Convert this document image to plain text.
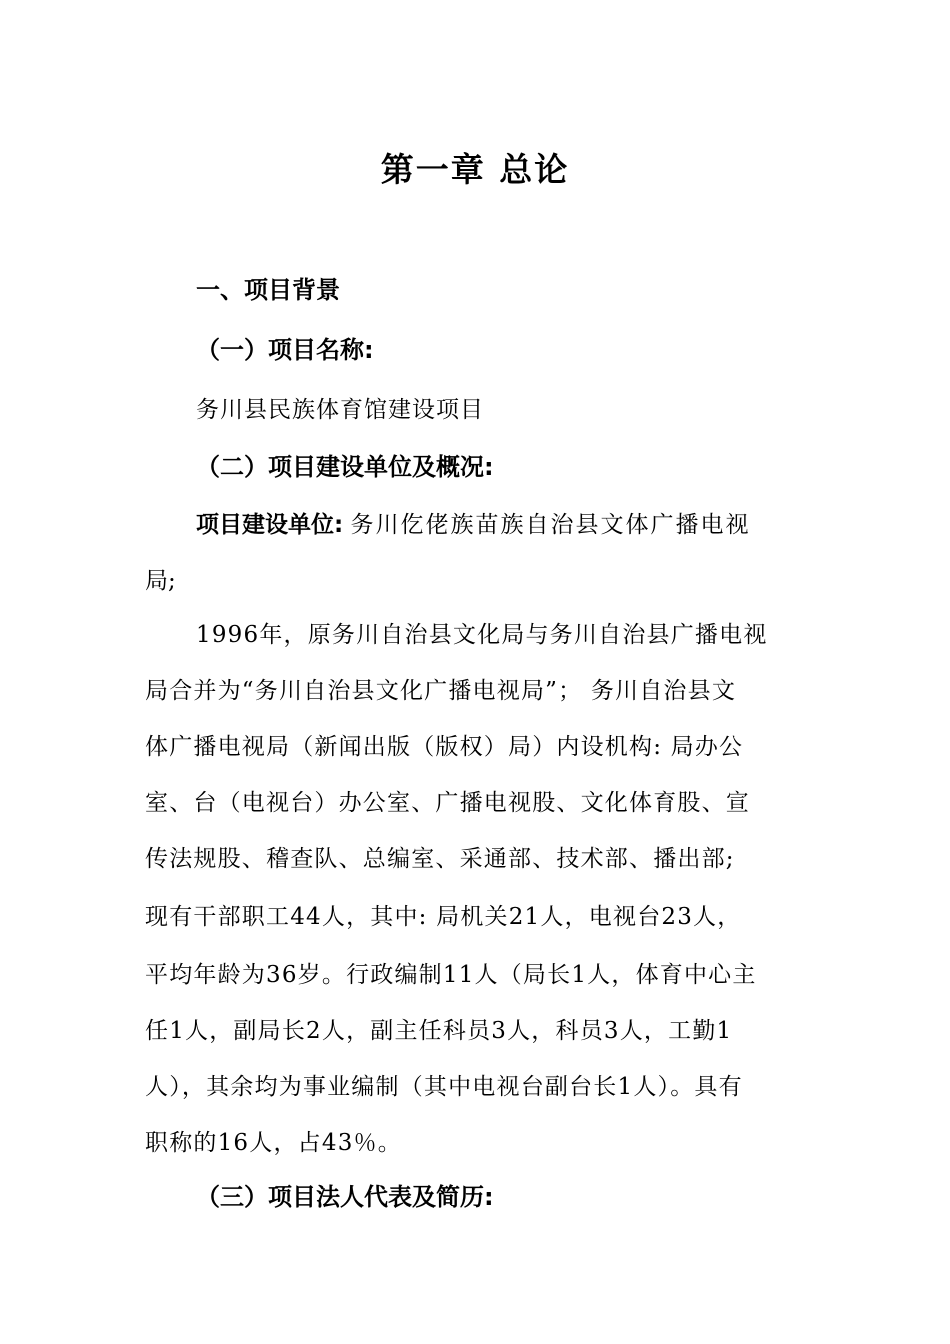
第一章 总论
一、项目背景
（一）项目名称:
务川县民族体育馆建设项目
（二）项目建设单位及概况:
项目建设单位: 务川仡佬族苗族自治县文体广播电视
局;
1996年，原务川自治县文化局与务川自治县广播电视
局合并为“务川自治县文化广播电视局”； 务川自治县文
体广播电视局（新闻出版（版权）局）内设机构: 局办公
室、台（电视台）办公室、广播电视股、文化体育股、宣
传法规股、稽查队、总编室、采通部、技术部、播出部;
现有干部职工44人，其中: 局机关21人，电视台23人，
平均年龄为36岁。行政编制11人（局长1人，体育中心主
任1人，副局长2人，副主任科员3人，科员3人，工勤1
人），其余均为事业编制（其中电视台副台长1人）。具有
职称的16人，占43％。
（三）项目法人代表及简历:
